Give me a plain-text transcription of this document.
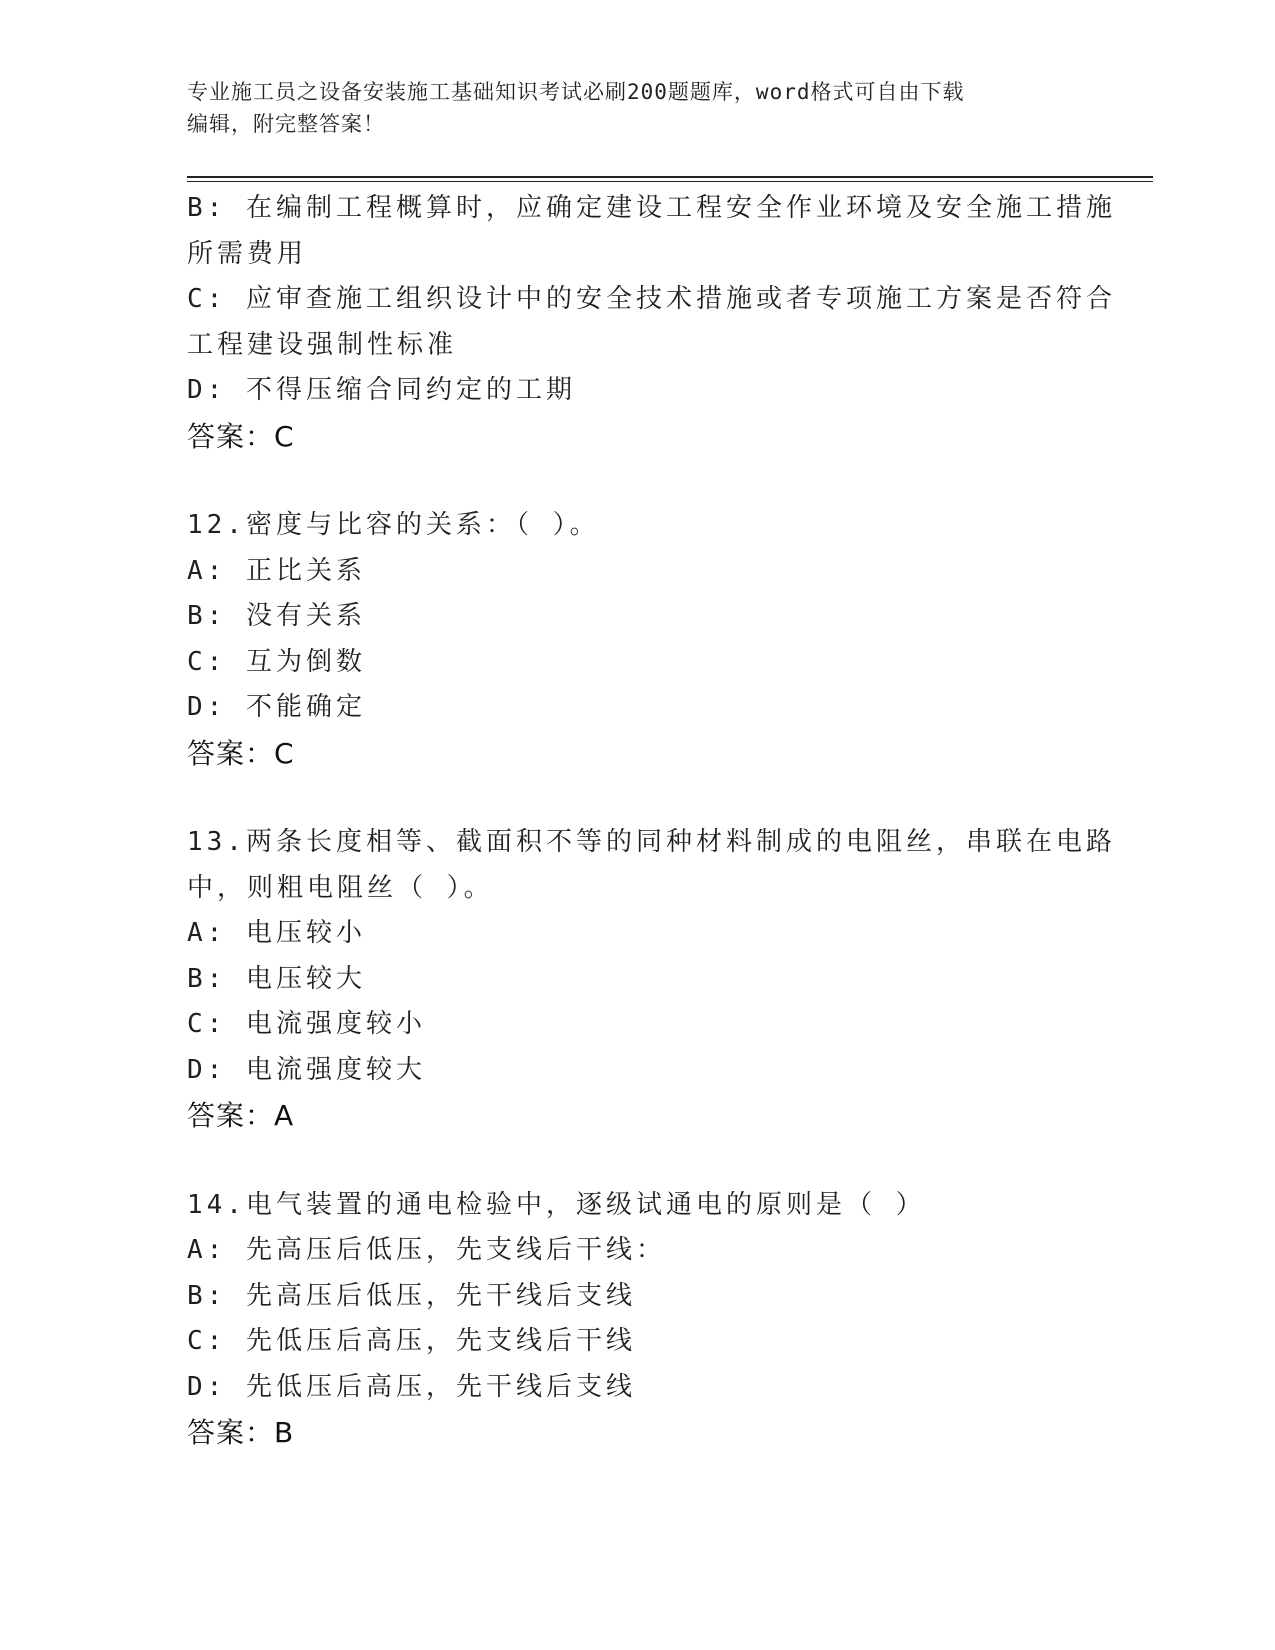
专业施工员之设备安装施工基础知识考试必刷200题题库，word格式可自由下载
编辑，附完整答案！
B: 在编制工程概算时，应确定建设工程安全作业环境及安全施工措施
所需费用
C: 应审查施工组织设计中的安全技术措施或者专项施工方案是否符合
工程建设强制性标准
D: 不得压缩合同约定的工期
答案：C
12.密度与比容的关系：（ ）。
A: 正比关系
B: 没有关系
C: 互为倒数
D: 不能确定
答案：C
13.两条长度相等、截面积不等的同种材料制成的电阻丝，串联在电路
中，则粗电阻丝（ ）。
A: 电压较小
B: 电压较大
C: 电流强度较小
D: 电流强度较大
答案：A
14.电气装置的通电检验中，逐级试通电的原则是（ ）
A: 先高压后低压，先支线后干线：
B: 先高压后低压，先干线后支线
C: 先低压后高压，先支线后干线
D: 先低压后高压，先干线后支线
答案：B
